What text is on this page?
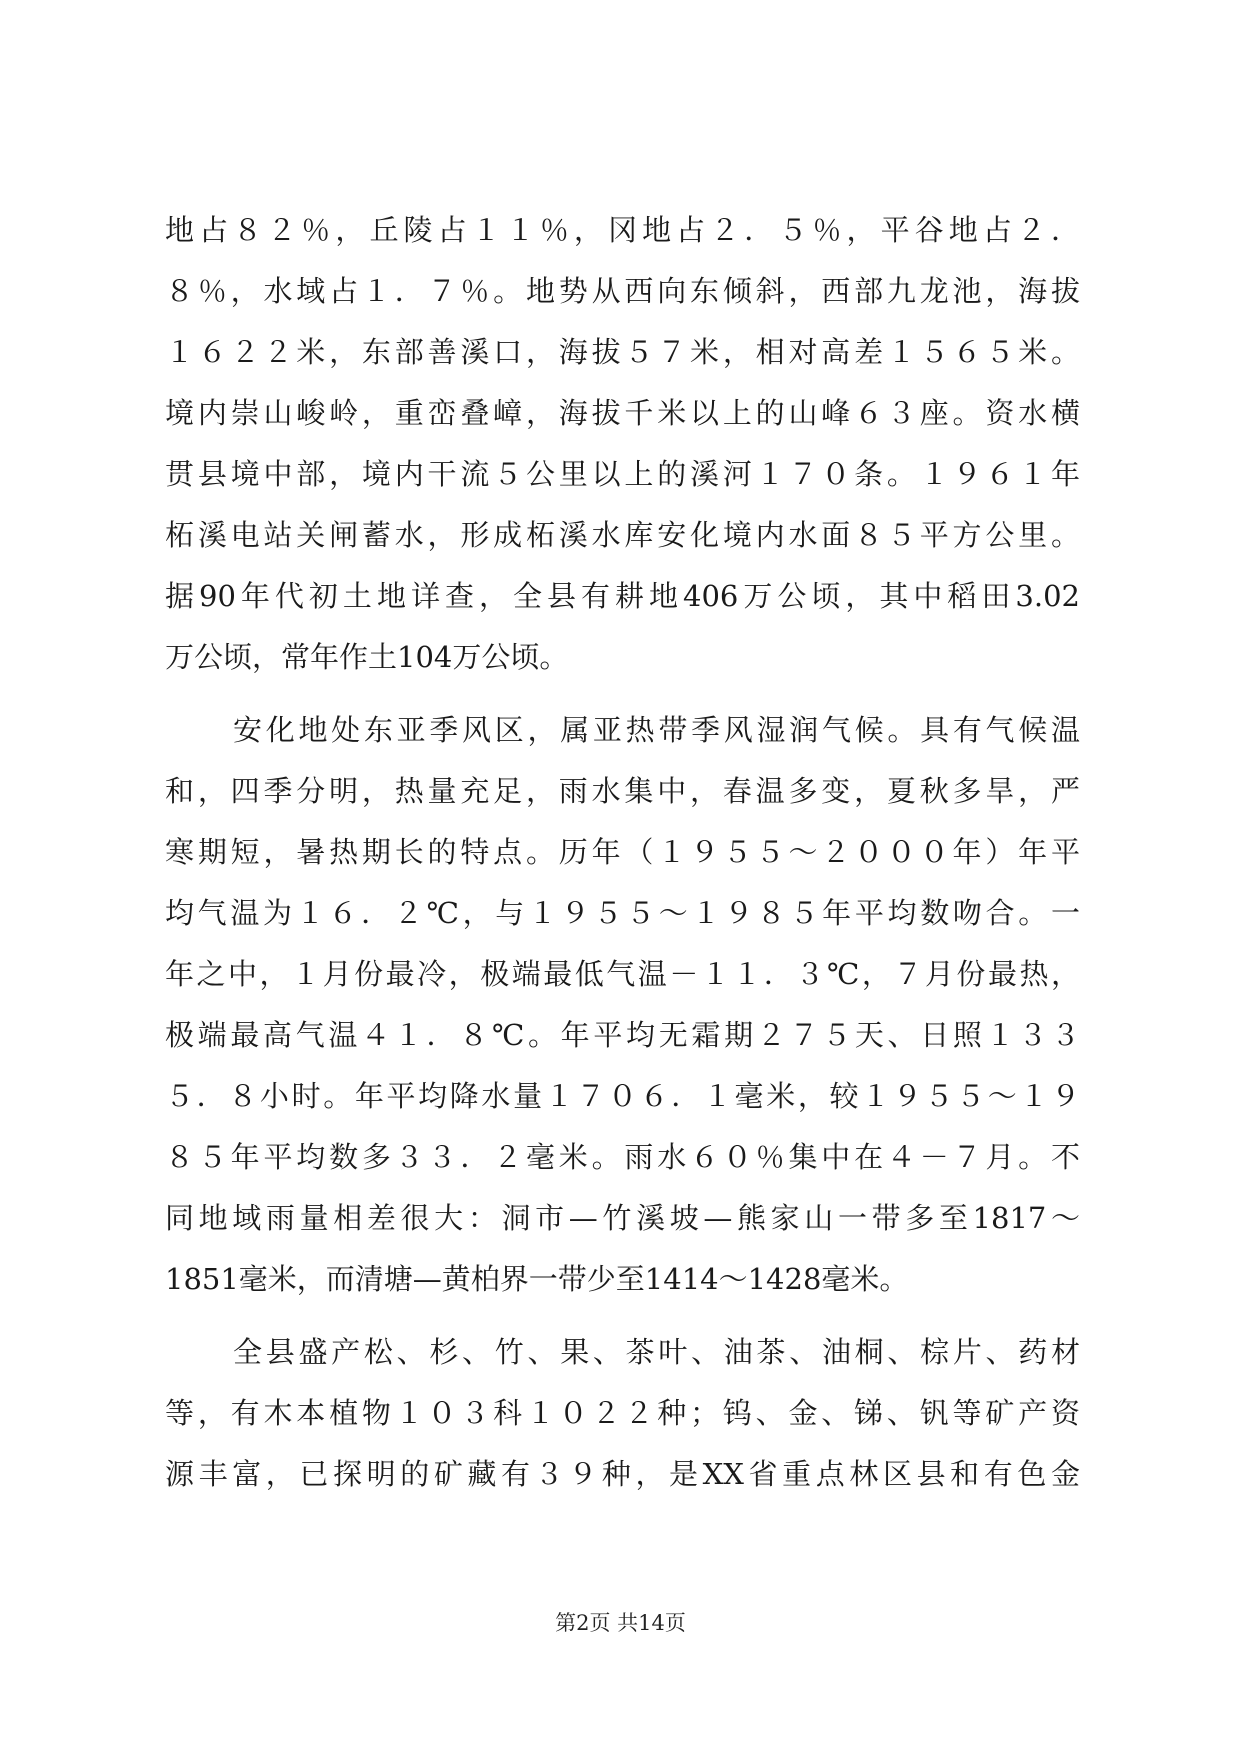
地占８２％，丘陵占１１％，冈地占２．５％，平谷地占２．
８％，水域占１．７％。地势从西向东倾斜，西部九龙池，海拔
１６２２米，东部善溪口，海拔５７米，相对高差１５６５米。
境内崇山峻岭，重峦叠嶂，海拔千米以上的山峰６３座。资水横
贯县境中部，境内干流５公里以上的溪河１７０条。１９６１年
柘溪电站关闸蓄水，形成柘溪水库安化境内水面８５平方公里。
据90年代初土地详查，全县有耕地406万公顷，其中稻田3.02
万公顷，常年作土104万公顷。
安化地处东亚季风区，属亚热带季风湿润气候。具有气候温
和，四季分明，热量充足，雨水集中，春温多变，夏秋多旱，严
寒期短，暑热期长的特点。历年（１９５５～２０００年）年平
均气温为１６．２℃，与１９５５～１９８５年平均数吻合。一
年之中，１月份最冷，极端最低气温－１１．３℃，７月份最热，
极端最高气温４１．８℃。年平均无霜期２７５天、日照１３３
５．８小时。年平均降水量１７０６．１毫米，较１９５５～１９
８５年平均数多３３．２毫米。雨水６０％集中在４－７月。不
同地域雨量相差很大：洞市—竹溪坡—熊家山一带多至1817～
1851毫米，而清塘—黄柏界一带少至1414～1428毫米。
全县盛产松、杉、竹、果、茶叶、油茶、油桐、棕片、药材
等，有木本植物１０３科１０２２种；钨、金、锑、钒等矿产资
源丰富，已探明的矿藏有３９种，是XX省重点林区县和有色金
第2页 共14页
